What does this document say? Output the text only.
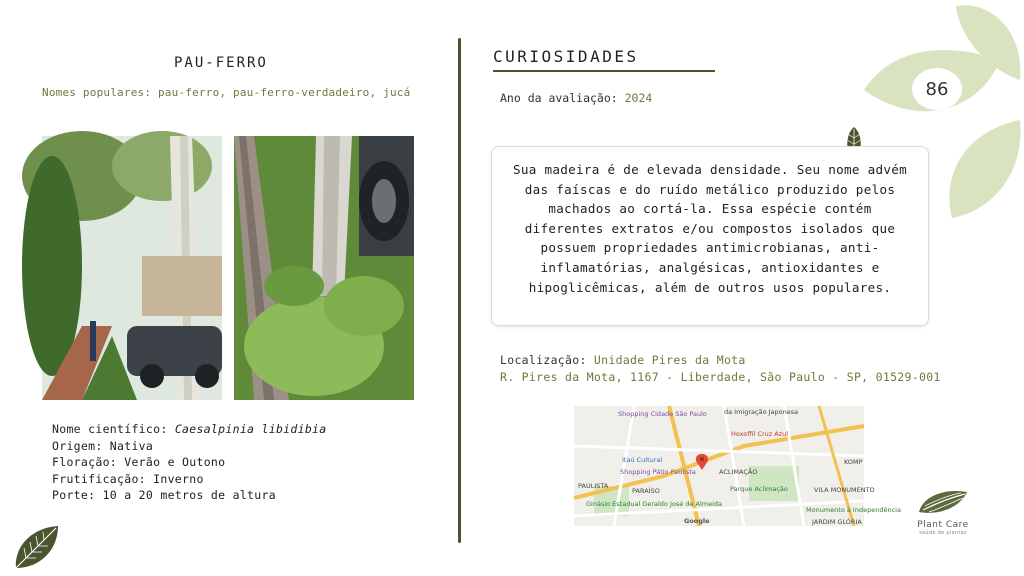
PAU-FERRO
Nomes populares: pau-ferro, pau-ferro-verdadeiro, jucá
Nome científico: Caesalpinia libidibia
Origem: Nativa
Floração: Verão e Outono
Frutificação: Inverno
Porte: 10 a 20 metros de altura
CURIOSIDADES
Ano da avaliação: 2024	86

Sua madeira é de elevada densidade. Seu nome advém das faíscas e do ruído metálico produzido pelos machados ao cortá-la. Essa espécie contém diferentes extratos e/ou compostos isolados que possuem propriedades antimicrobianas, anti-inflamatórias, analgésicas, antioxidantes e hipoglicêmicas, além de outros usos populares.

Localização: Unidade Pires da Mota
R. Pires da Mota, 1167 - Liberdade, São Paulo - SP, 01529-001
Shopping Cidade São Paulo
Hoxoffil Cruz Azul
Itaú Cultural
Shopping Pátio Paulista	ACLIMAÇÃO
PAULISTA
PARAÍSO	Parque Aclimação	VILA MONUMENTO
Ginásio Estadual Geraldo José de Almeida
Monumento à Independência
Google
da Imigração Japonesa
KOMP
JARDIM GLÓRIA	Plant Care
saúde de plantas
